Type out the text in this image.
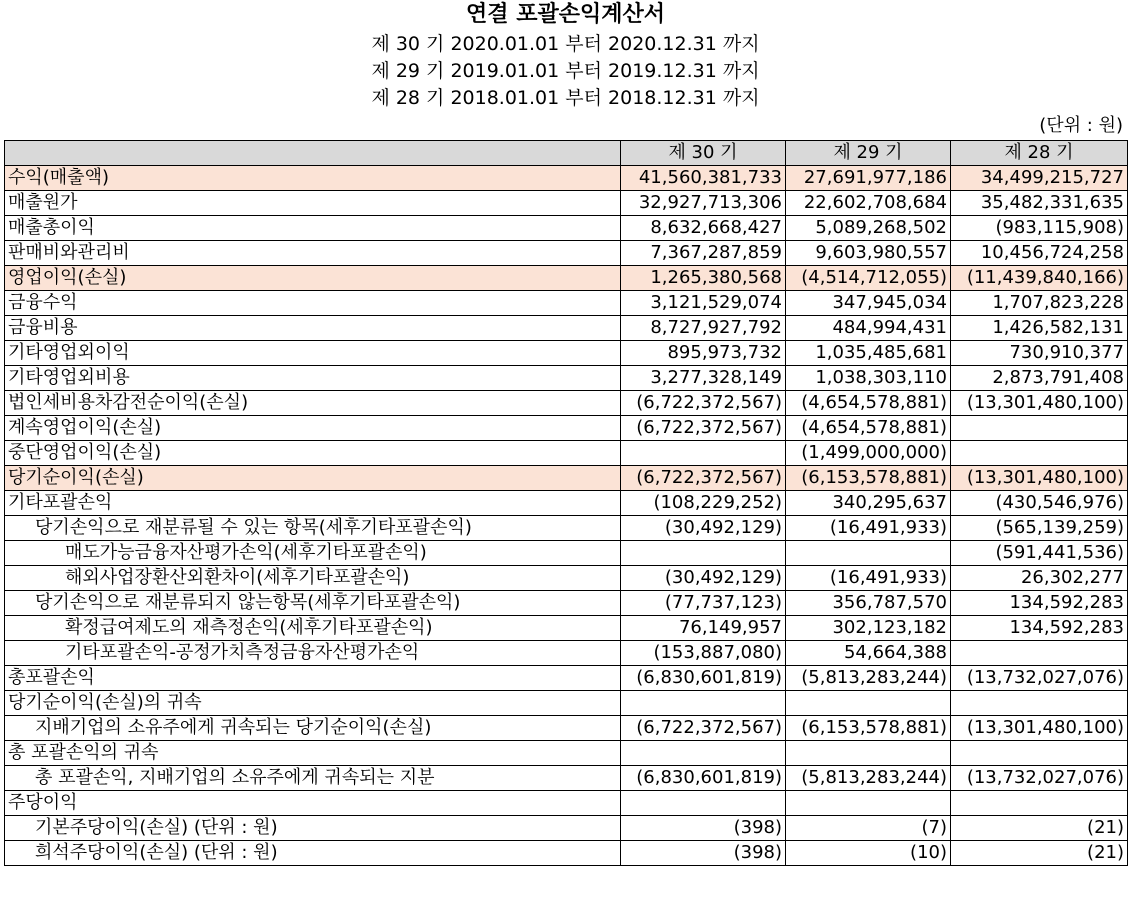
연결 포괄손익계산서
제 30 기 2020.01.01 부터 2020.12.31 까지
제 29 기 2019.01.01 부터 2019.12.31 까지
제 28 기 2018.01.01 부터 2018.12.31 까지
(단위 : 원)
	제 30 기	제 29 기	제 28 기
수익(매출액)	41,560,381,733	27,691,977,186	34,499,215,727
매출원가	32,927,713,306	22,602,708,684	35,482,331,635
매출총이익	8,632,668,427	5,089,268,502	(983,115,908)
판매비와관리비	7,367,287,859	9,603,980,557	10,456,724,258
영업이익(손실)	1,265,380,568	(4,514,712,055)	(11,439,840,166)
금융수익	3,121,529,074	347,945,034	1,707,823,228
금융비용	8,727,927,792	484,994,431	1,426,582,131
기타영업외이익	895,973,732	1,035,485,681	730,910,377
기타영업외비용	3,277,328,149	1,038,303,110	2,873,791,408
법인세비용차감전순이익(손실)	(6,722,372,567)	(4,654,578,881)	(13,301,480,100)
계속영업이익(손실)	(6,722,372,567)	(4,654,578,881)	
중단영업이익(손실)		(1,499,000,000)	
당기순이익(손실)	(6,722,372,567)	(6,153,578,881)	(13,301,480,100)
기타포괄손익	(108,229,252)	340,295,637	(430,546,976)
당기손익으로 재분류될 수 있는 항목(세후기타포괄손익)	(30,492,129)	(16,491,933)	(565,139,259)
매도가능금융자산평가손익(세후기타포괄손익)			(591,441,536)
해외사업장환산외환차이(세후기타포괄손익)	(30,492,129)	(16,491,933)	26,302,277
당기손익으로 재분류되지 않는항목(세후기타포괄손익)	(77,737,123)	356,787,570	134,592,283
확정급여제도의 재측정손익(세후기타포괄손익)	76,149,957	302,123,182	134,592,283
기타포괄손익-공정가치측정금융자산평가손익	(153,887,080)	54,664,388	
총포괄손익	(6,830,601,819)	(5,813,283,244)	(13,732,027,076)
당기순이익(손실)의 귀속			
지배기업의 소유주에게 귀속되는 당기순이익(손실)	(6,722,372,567)	(6,153,578,881)	(13,301,480,100)
총 포괄손익의 귀속			
총 포괄손익, 지배기업의 소유주에게 귀속되는 지분	(6,830,601,819)	(5,813,283,244)	(13,732,027,076)
주당이익			
기본주당이익(손실) (단위 : 원)	(398)	(7)	(21)
희석주당이익(손실) (단위 : 원)	(398)	(10)	(21)
